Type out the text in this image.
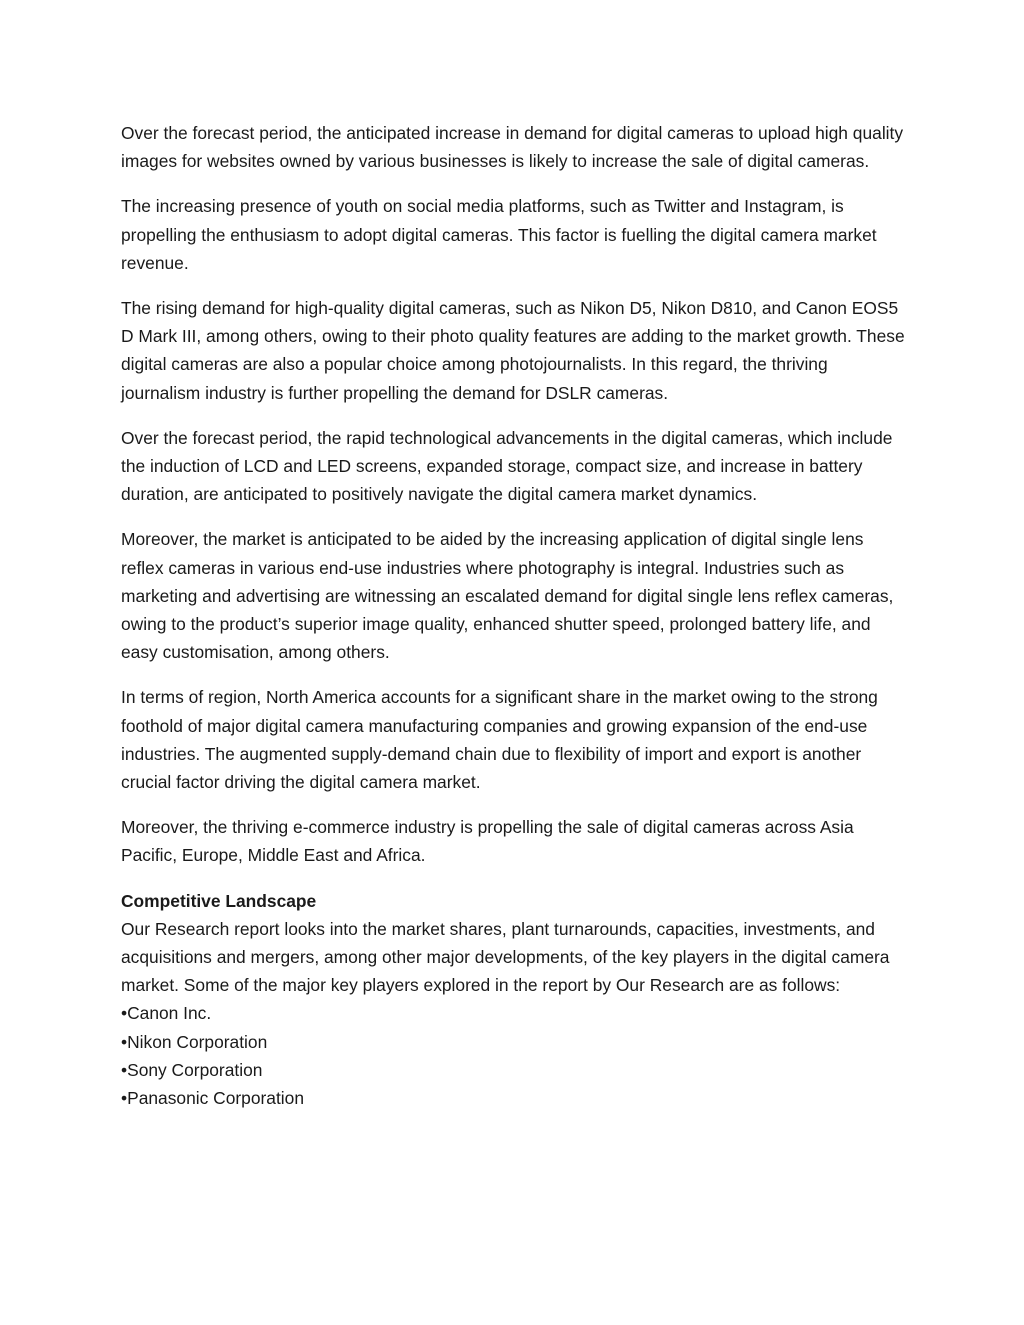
Over the forecast period, the anticipated increase in demand for digital cameras to upload high quality images for websites owned by various businesses is likely to increase the sale of digital cameras.

The increasing presence of youth on social media platforms, such as Twitter and Instagram, is propelling the enthusiasm to adopt digital cameras. This factor is fuelling the digital camera market revenue.

The rising demand for high-quality digital cameras, such as Nikon D5, Nikon D810, and Canon EOS5 D Mark III, among others, owing to their photo quality features are adding to the market growth. These digital cameras are also a popular choice among photojournalists. In this regard, the thriving journalism industry is further propelling the demand for DSLR cameras.

Over the forecast period, the rapid technological advancements in the digital cameras, which include the induction of LCD and LED screens, expanded storage, compact size, and increase in battery duration, are anticipated to positively navigate the digital camera market dynamics.

Moreover, the market is anticipated to be aided by the increasing application of digital single lens reflex cameras in various end-use industries where photography is integral. Industries such as marketing and advertising are witnessing an escalated demand for digital single lens reflex cameras, owing to the product’s superior image quality, enhanced shutter speed, prolonged battery life, and easy customisation, among others.

In terms of region, North America accounts for a significant share in the market owing to the strong foothold of major digital camera manufacturing companies and growing expansion of the end-use industries. The augmented supply-demand chain due to flexibility of import and export is another crucial factor driving the digital camera market.

Moreover, the thriving e-commerce industry is propelling the sale of digital cameras across Asia Pacific, Europe, Middle East and Africa.

Competitive Landscape

Our Research report looks into the market shares, plant turnarounds, capacities, investments, and acquisitions and mergers, among other major developments, of the key players in the digital camera market. Some of the major key players explored in the report by Our Research are as follows:

•Canon Inc.
•Nikon Corporation
•Sony Corporation
•Panasonic Corporation
